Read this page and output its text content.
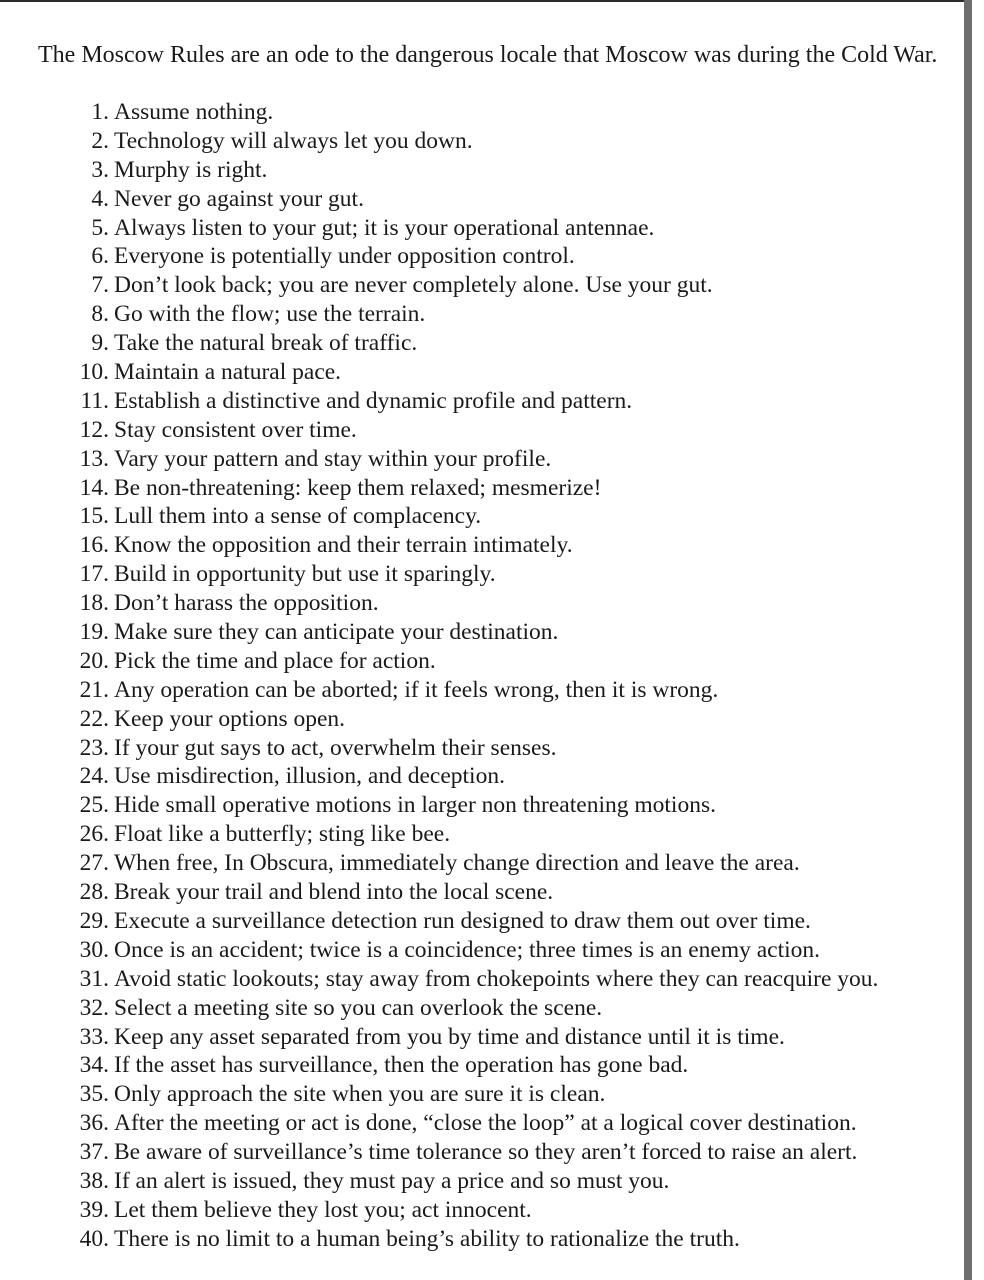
The Moscow Rules are an ode to the dangerous locale that Moscow was during the Cold War.

1. Assume nothing.
2. Technology will always let you down.
3. Murphy is right.
4. Never go against your gut.
5. Always listen to your gut; it is your operational antennae.
6. Everyone is potentially under opposition control.
7. Don’t look back; you are never completely alone. Use your gut.
8. Go with the flow; use the terrain.
9. Take the natural break of traffic.
10. Maintain a natural pace.
11. Establish a distinctive and dynamic profile and pattern.
12. Stay consistent over time.
13. Vary your pattern and stay within your profile.
14. Be non-threatening: keep them relaxed; mesmerize!
15. Lull them into a sense of complacency.
16. Know the opposition and their terrain intimately.
17. Build in opportunity but use it sparingly.
18. Don’t harass the opposition.
19. Make sure they can anticipate your destination.
20. Pick the time and place for action.
21. Any operation can be aborted; if it feels wrong, then it is wrong.
22. Keep your options open.
23. If your gut says to act, overwhelm their senses.
24. Use misdirection, illusion, and deception.
25. Hide small operative motions in larger non threatening motions.
26. Float like a butterfly; sting like bee.
27. When free, In Obscura, immediately change direction and leave the area.
28. Break your trail and blend into the local scene.
29. Execute a surveillance detection run designed to draw them out over time.
30. Once is an accident; twice is a coincidence; three times is an enemy action.
31. Avoid static lookouts; stay away from chokepoints where they can reacquire you.
32. Select a meeting site so you can overlook the scene.
33. Keep any asset separated from you by time and distance until it is time.
34. If the asset has surveillance, then the operation has gone bad.
35. Only approach the site when you are sure it is clean.
36. After the meeting or act is done, “close the loop” at a logical cover destination.
37. Be aware of surveillance’s time tolerance so they aren’t forced to raise an alert.
38. If an alert is issued, they must pay a price and so must you.
39. Let them believe they lost you; act innocent.
40. There is no limit to a human being’s ability to rationalize the truth.
